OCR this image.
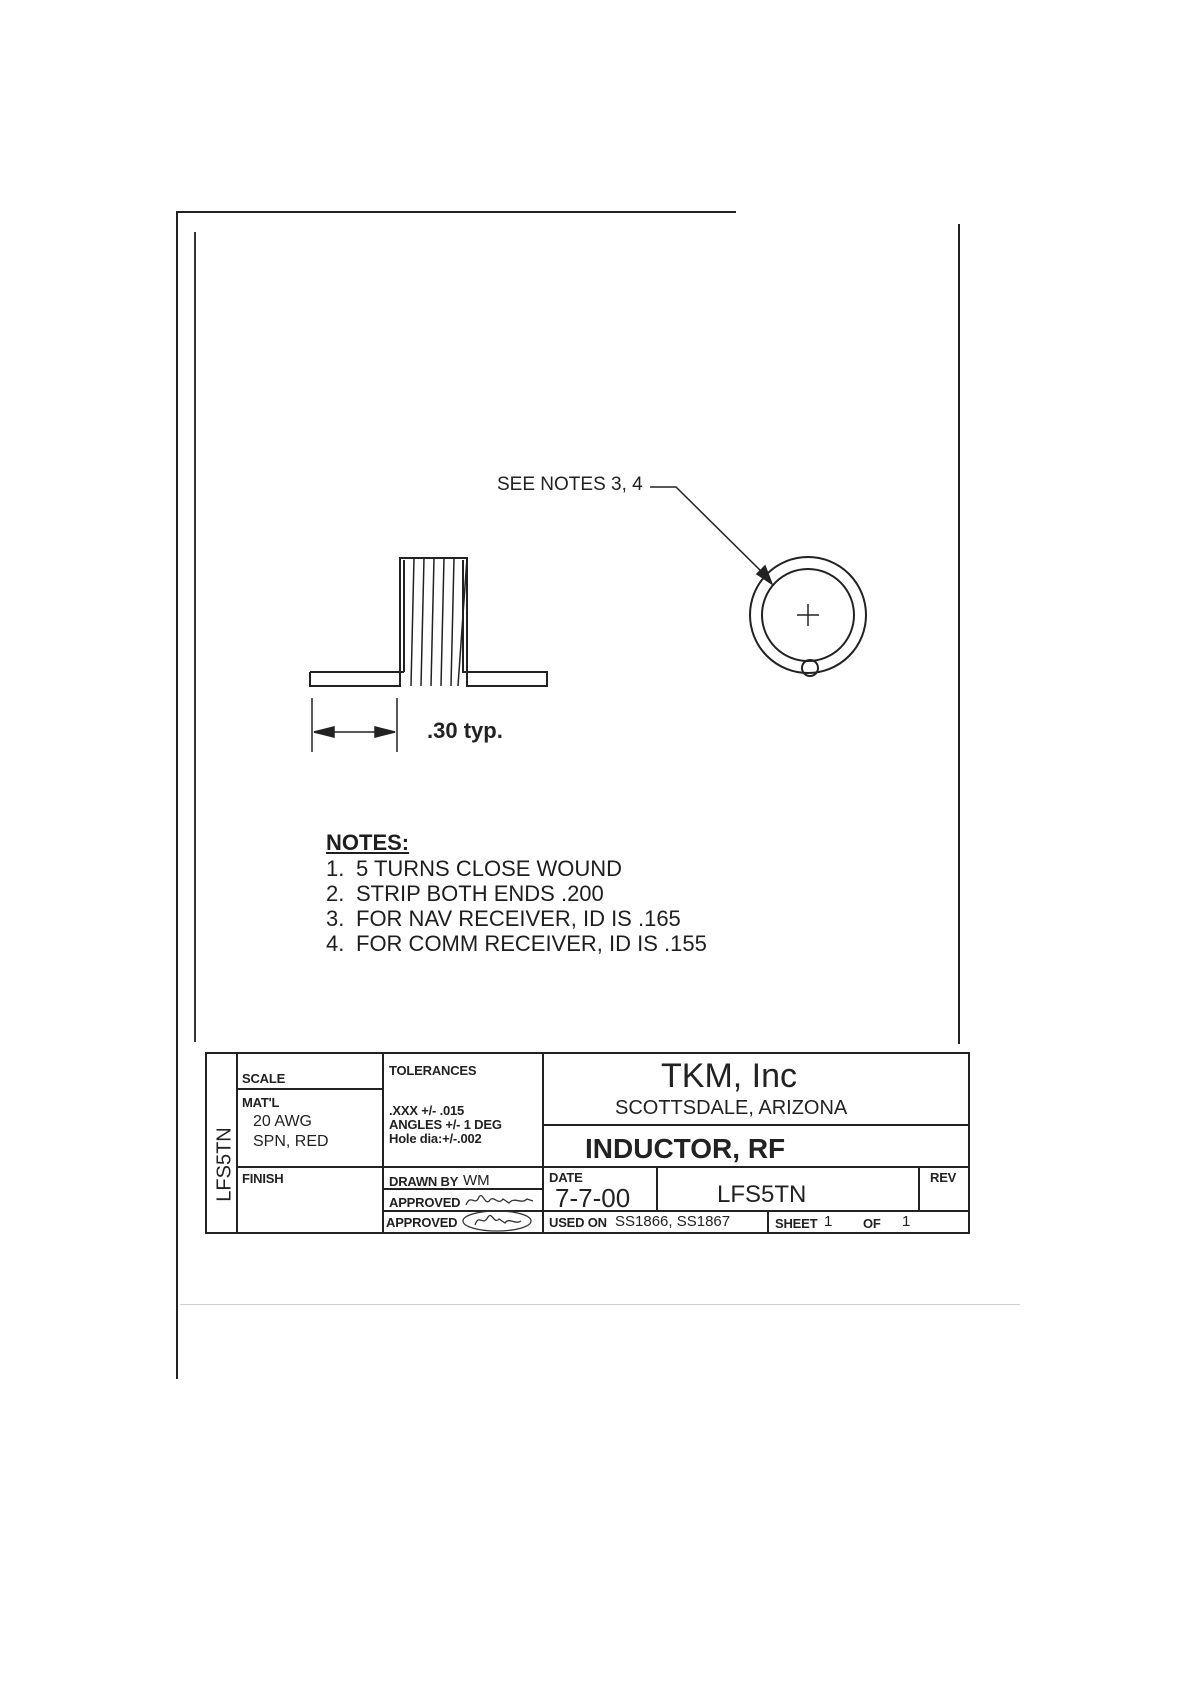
SEE NOTES 3, 4
.30 typ.
NOTES:
1. 5 TURNS CLOSE WOUND
2. STRIP BOTH ENDS .200
3. FOR NAV RECEIVER, ID IS .165
4. FOR COMM RECEIVER, ID IS .155
LFS5TN
SCALE
MAT'L
20 AWG
SPN, RED
FINISH
TOLERANCES
.XXX +/- .015
ANGLES +/- 1 DEG
Hole dia:+/-.002
TKM, Inc
SCOTTSDALE, ARIZONA
INDUCTOR, RF
DRAWN BY WM
APPROVED
APPROVED
DATE
7-7-00	LFS5TN
REV
USED ON SS1866, SS1867	SHEET 1 OF 1
